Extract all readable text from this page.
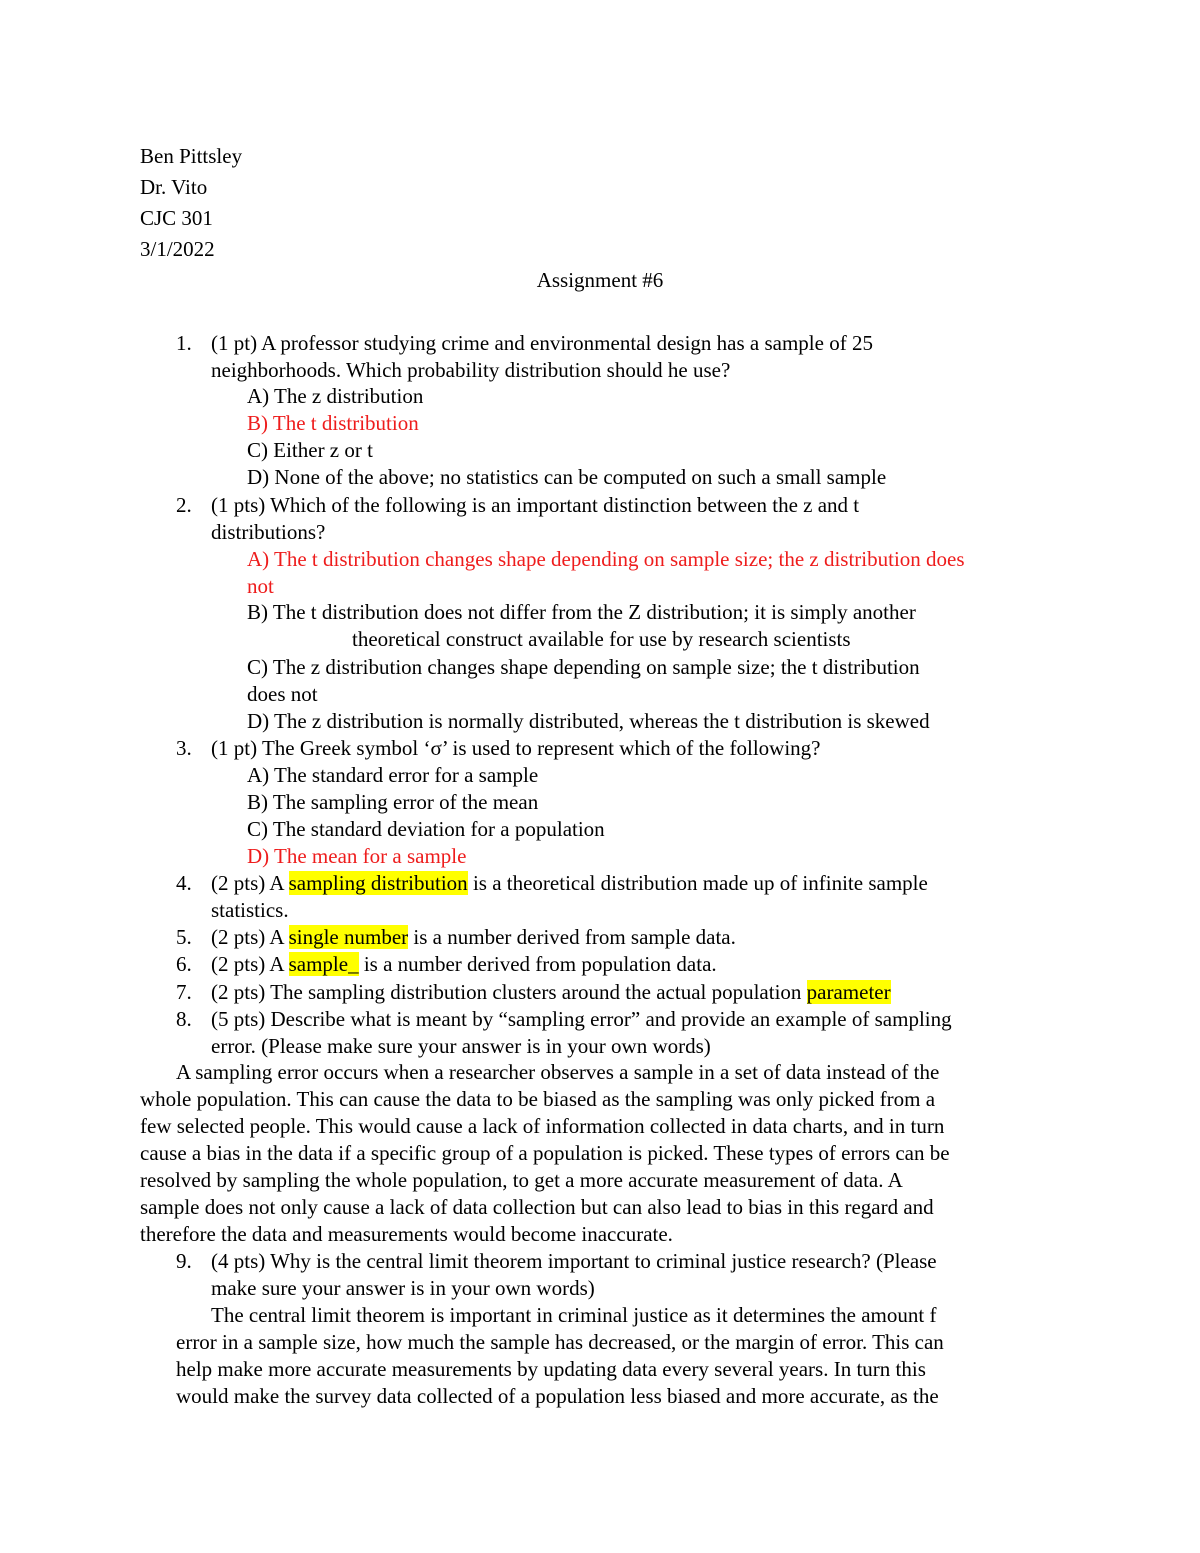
Ben Pittsley
Dr. Vito
CJC 301
3/1/2022
Assignment #6
1. (1 pt) A professor studying crime and environmental design has a sample of 25
neighborhoods. Which probability distribution should he use?
A) The z distribution
B) The t distribution
C) Either z or t
D) None of the above; no statistics can be computed on such a small sample
2. (1 pts) Which of the following is an important distinction between the z and t
distributions?
A) The t distribution changes shape depending on sample size; the z distribution does
not
B) The t distribution does not differ from the Z distribution; it is simply another
theoretical construct available for use by research scientists
C) The z distribution changes shape depending on sample size; the t distribution
does not
D) The z distribution is normally distributed, whereas the t distribution is skewed
3. (1 pt) The Greek symbol ‘σ’ is used to represent which of the following?
A) The standard error for a sample
B) The sampling error of the mean
C) The standard deviation for a population
D) The mean for a sample
4. (2 pts) A sampling distribution is a theoretical distribution made up of infinite sample
statistics.
5. (2 pts) A single number is a number derived from sample data.
6. (2 pts) A sample_ is a number derived from population data.
7. (2 pts) The sampling distribution clusters around the actual population parameter
8. (5 pts) Describe what is meant by “sampling error” and provide an example of sampling
error. (Please make sure your answer is in your own words)
A sampling error occurs when a researcher observes a sample in a set of data instead of the
whole population. This can cause the data to be biased as the sampling was only picked from a
few selected people. This would cause a lack of information collected in data charts, and in turn
cause a bias in the data if a specific group of a population is picked. These types of errors can be
resolved by sampling the whole population, to get a more accurate measurement of data. A
sample does not only cause a lack of data collection but can also lead to bias in this regard and
therefore the data and measurements would become inaccurate.
9. (4 pts) Why is the central limit theorem important to criminal justice research? (Please
make sure your answer is in your own words)
The central limit theorem is important in criminal justice as it determines the amount f
error in a sample size, how much the sample has decreased, or the margin of error. This can
help make more accurate measurements by updating data every several years. In turn this
would make the survey data collected of a population less biased and more accurate, as the
